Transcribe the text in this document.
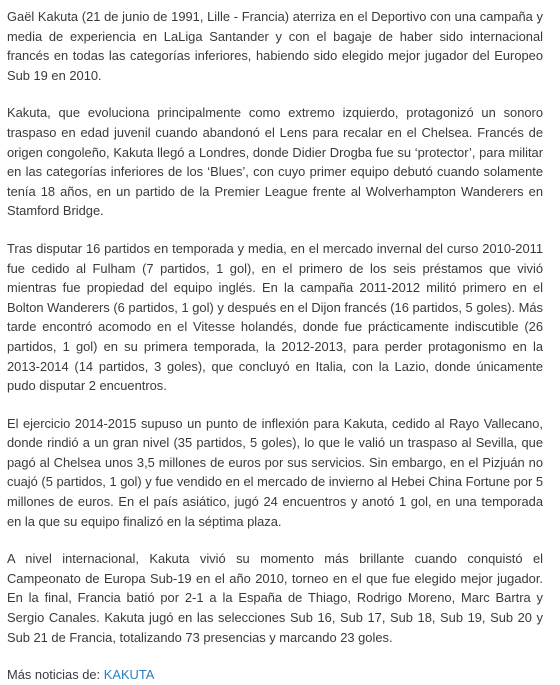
Gaël Kakuta (21 de junio de 1991, Lille - Francia) aterriza en el Deportivo con una campaña y media de experiencia en LaLiga Santander y con el bagaje de haber sido internacional francés en todas las categorías inferiores, habiendo sido elegido mejor jugador del Europeo Sub 19 en 2010.

Kakuta, que evoluciona principalmente como extremo izquierdo, protagonizó un sonoro traspaso en edad juvenil cuando abandonó el Lens para recalar en el Chelsea. Francés de origen congoleño, Kakuta llegó a Londres, donde Didier Drogba fue su ‘protector’, para militar en las categorías inferiores de los ‘Blues’, con cuyo primer equipo debutó cuando solamente tenía 18 años, en un partido de la Premier League frente al Wolverhampton Wanderers en Stamford Bridge.

Tras disputar 16 partidos en temporada y media, en el mercado invernal del curso 2010-2011 fue cedido al Fulham (7 partidos, 1 gol), en el primero de los seis préstamos que vivió mientras fue propiedad del equipo inglés. En la campaña 2011-2012 militó primero en el Bolton Wanderers (6 partidos, 1 gol) y después en el Dijon francés (16 partidos, 5 goles). Más tarde encontró acomodo en el Vitesse holandés, donde fue prácticamente indiscutible (26 partidos, 1 gol) en su primera temporada, la 2012-2013, para perder protagonismo en la 2013-2014 (14 partidos, 3 goles), que concluyó en Italia, con la Lazio, donde únicamente pudo disputar 2 encuentros.

El ejercicio 2014-2015 supuso un punto de inflexión para Kakuta, cedido al Rayo Vallecano, donde rindió a un gran nivel (35 partidos, 5 goles), lo que le valió un traspaso al Sevilla, que pagó al Chelsea unos 3,5 millones de euros por sus servicios. Sin embargo, en el Pizjuán no cuajó (5 partidos, 1 gol) y fue vendido en el mercado de invierno al Hebei China Fortune por 5 millones de euros. En el país asiático, jugó 24 encuentros y anotó 1 gol, en una temporada en la que su equipo finalizó en la séptima plaza.

A nivel internacional, Kakuta vivió su momento más brillante cuando conquistó el Campeonato de Europa Sub-19 en el año 2010, torneo en el que fue elegido mejor jugador. En la final, Francia batió por 2-1 a la España de Thiago, Rodrigo Moreno, Marc Bartra y Sergio Canales. Kakuta jugó en las selecciones Sub 16, Sub 17, Sub 18, Sub 19, Sub 20 y Sub 21 de Francia, totalizando 73 presencias y marcando 23 goles.

Más noticias de: KAKUTA
